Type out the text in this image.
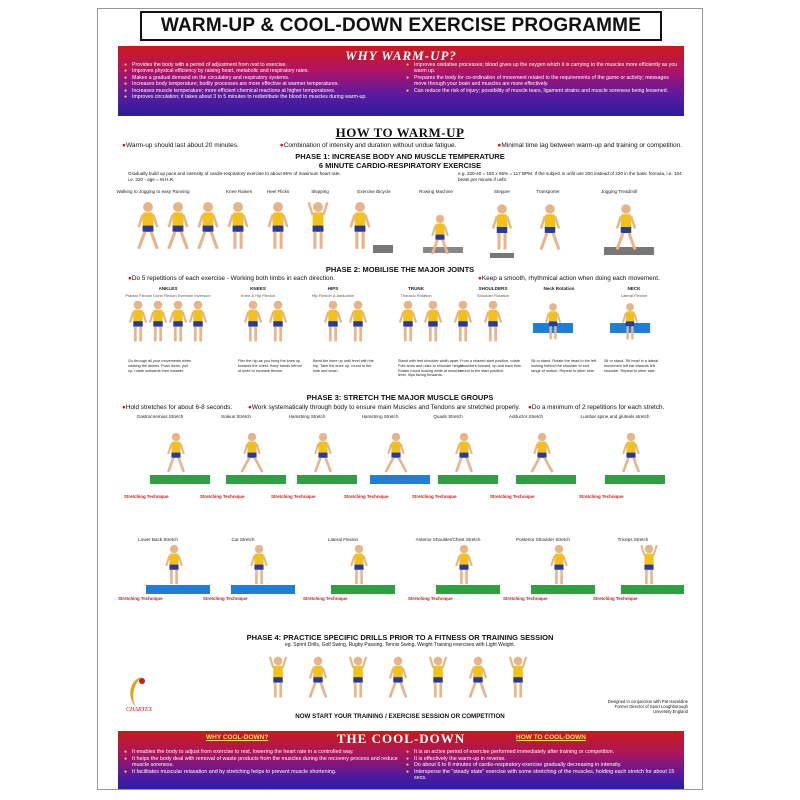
WARM-UP & COOL-DOWN EXERCISE PROGRAMME
WHY WARM-UP?
● Provides the body with a period of adjustment from rest to exercise.
● Improves physical efficiency by raising heart, metabolic and respiratory rates.
● Makes a gradual demand on the circulatory and respiratory systems.
● Increases body temperature; bodily processes are more effective at warmer temperatures.
● Increases muscle temperature; more efficient chemical reactions at higher temperatures.
● Improves circulation; it takes about 3 to 5 minutes to redistribute the blood to muscles during warm-up.
● Improves oxidative processes; blood gives up the oxygen which it is carrying to the muscles more efficiently as you warm up.
● Prepares the body for co-ordination of movement related to the requirements of the game or activity; messages move through your brain and muscles are more effectively.
● Can reduce the risk of injury; possibility of muscle tears, ligament strains and muscle soreness being lessened.
HOW TO WARM-UP
● Warm-up should last about 20 minutes.	● Combination of intensity and duration without undue fatigue.	● Minimal time lag between warm-up and training or competition.
PHASE 1: INCREASE BODY AND MUSCLE TEMPERATURE
6 MINUTE CARDIO-RESPIRATORY EXERCISE
Gradually build up pace and intensity of cardio-respiratory exercise to about 65% of maximum heart rate, i.e. 220 - age = M.H.R.
e.g. 220-40 = 180 x 65% = 117 BPM. If the subject is unfit use 200 instead of 220 in the basic formula, i.e. 104 beats per minute if unfit.
Walking to Jogging to easy Running	Knee Raises	Heel Flicks	Skipping	Exercise Bicycle	Rowing Machine	Stepper	Transporter	Jogging Treadmill
PHASE 2: MOBILISE THE MAJOR JOINTS
● Do 5 repetitions of each exercise - Working both limbs in each direction.	● Keep a smooth, rhythmical action when doing each movement.
ANKLES
Plantar Flexion Dorsi Flexion Eversion Inversion
KNEES
Knee & Hip Flexion
HIPS
Hip Flexion & Adduction
TRUNK
Thoracic Rotation
SHOULDERS
Shoulder Rotation
Neck Rotation	NECK
Lateral Flexion
Go through all your movements when rotating the ankles. Push down, pull up, rotate outwards then inwards.
Flex the hip as you bring the knee up towards the chest. Keep hands infront of knee to increase flexion.
Bend the knee up until level with the hip. Take the knee up, round to the side and down.
Stand with feet shoulder width apart. Fold arms and raise to shoulder height. Rotate round looking while at shoulder level, hips facing forwards.
From a relaxed start position, rotate shoulders forward, up and back then round to the start position.
Sit or stand. Rotate the head to the left looking behind the shoulder to end range of motion. Repeat to other side.
Sit or stand. Tilt head in a lateral movement left ear towards left shoulder. Repeat to other side.
PHASE 3: STRETCH THE MAJOR MUSCLE GROUPS
● Hold stretches for about 6-8 seconds.	● Work systematically through body to ensure main Muscles and Tendons are stretched properly.	● Do a minimum of 2 repetitions for each stretch.
Gastrocnemius Stretch
Stretching Technique
Soleus Stretch
Stretching Technique
Hamstring Stretch
Stretching Technique
Hamstring Stretch
Stretching Technique
Quads Stretch
Stretching Technique
Adductor Stretch
Stretching Technique
Lumbar spine and gluteals stretch
Stretching Technique
Lower Back Stretch
Stretching Technique
Cat Stretch
Stretching Technique
Lateral Flexion
Stretching Technique
Anterior Shoulder/Chest Stretch
Stretching Technique
Posterior Shoulder Stretch
Stretching Technique
Triceps Stretch
Stretching Technique
PHASE 4: PRACTICE SPECIFIC DRILLS PRIOR TO A FITNESS OR TRAINING SESSION
eg. Sprint Drills, Golf Swing, Rugby Passing, Tennis Swing, Weight Training exercises with Light Weight.
CHARTEX
Designed in conjunction with Pat Hazeldine Former Director of Sport Loughborough University England
NOW START YOUR TRAINING / EXERCISE SESSION OR COMPETITION
WHY COOL-DOWN?	THE COOL-DOWN	HOW TO COOL-DOWN
● It enables the body to adjust from exercise to rest, lowering the heart rate in a controlled way.
● It helps the body deal with removal of waste products from the muscles during the recovery process and reduce muscle soreness.
● It facilitates muscular relaxation and by stretching helps to prevent muscle shortening.
● It is an active period of exercise performed immediately after training or competition.
● It is effectively the warm-up in reverse.
● Do about 6 to 8 minutes of cardio-respiratory exercise gradually decreasing in intensity.
● Intersperse the "steady state" exercise with some stretching of the muscles, holding each stretch for about 15 secs.
